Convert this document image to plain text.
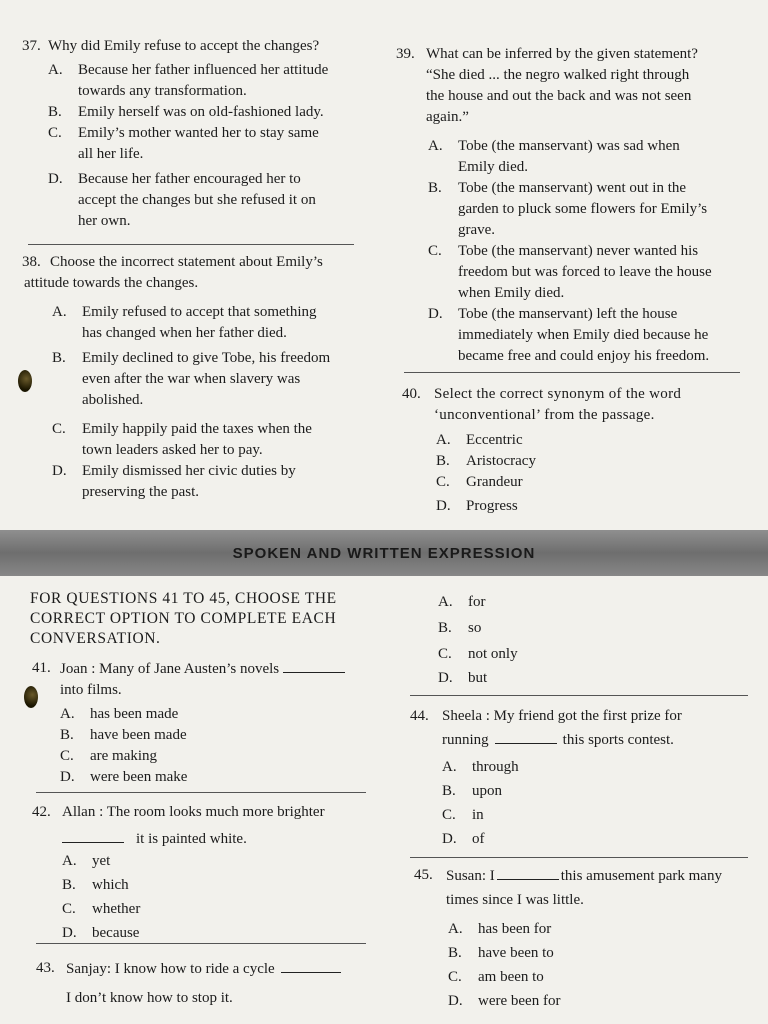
37. Why did Emily refuse to accept the changes?
A.	Because her father influenced her attitude
towards any transformation.
B.	Emily herself was on old-fashioned lady.
C.	Emily’s mother wanted her to stay same
all her life.
D.	Because her father encouraged her to
accept the changes but she refused it on
her own.
38. Choose the incorrect statement about Emily’s
attitude towards the changes.
A.	Emily refused to accept that something
has changed when her father died.
B.	Emily declined to give Tobe, his freedom
even after the war when slavery was
abolished.
C.	Emily happily paid the taxes when the
town leaders asked her to pay.
D.	Emily dismissed her civic duties by
preserving the past.
39. What can be inferred by the given statement?
“She died ... the negro walked right through
the house and out the back and was not seen
again.”
A.	Tobe (the manservant) was sad when
Emily died.
B.	Tobe (the manservant) went out in the
garden to pluck some flowers for Emily’s
grave.
C.	Tobe (the manservant) never wanted his
freedom but was forced to leave the house
when Emily died.
D.	Tobe (the manservant) left the house
immediately when Emily died because he
became free and could enjoy his freedom.
40. Select the correct synonym of the word
‘unconventional’ from the passage.
A.	Eccentric
B.	Aristocracy
C.	Grandeur
D.	Progress
SPOKEN AND WRITTEN EXPRESSION
FOR QUESTIONS 41 TO 45, CHOOSE THE
CORRECT OPTION TO COMPLETE EACH
CONVERSATION.
41. Joan : Many of Jane Austen’s novels
into films.
A.	has been made
B.	have been made
C.	are making
D.	were been make
42. Allan : The room looks much more brighter
it is painted white.
A.	yet
B.	which
C.	whether
D.	because
43. Sanjay: I know how to ride a cycle
I don’t know how to stop it.
A.	for
B.	so
C.	not only
D.	but
44. Sheela : My friend got the first prize for
running	this sports contest.
A.	through
B.	upon
C.	in
D.	of
45. Susan: I	this amusement park many
times since I was little.
A.	has been for
B.	have been to
C.	am been to
D.	were been for
